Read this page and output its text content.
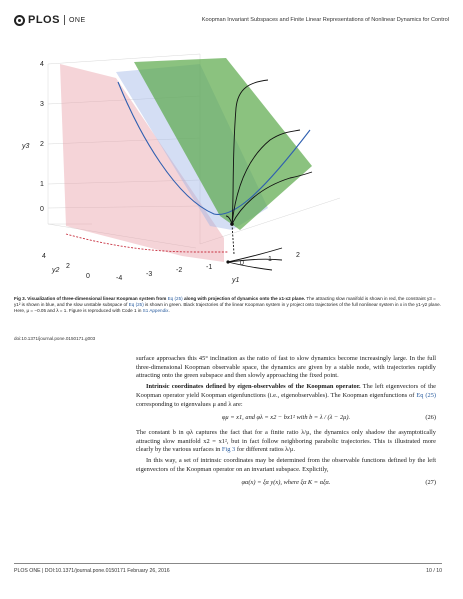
PLOS ONE	Koopman Invariant Subspaces and Finite Linear Representations of Nonlinear Dynamics for Control
4
3
2
1
0
y3
4
2
0
y2
-4
-3
-2	-1
0
1
2
y1
Fig 3. Visualization of three-dimensional linear Koopman system from Eq (25) along with projection of dynamics onto the x1-x2 plane. The attracting slow manifold is shown in red, the constraint y3 = y1² is shown in blue, and the slow unstable subspace of Eq (25) is shown in green. Black trajectories of the linear Koopman system in y project onto trajectories of the full nonlinear system in x in the y1-y2 plane. Here, μ = −0.05 and λ = 1. Figure is reproduced with Code 1 in S1 Appendix.
doi:10.1371/journal.pone.0150171.g003

surface approaches this 45° inclination as the ratio of fast to slow dynamics become increasingly large. In the full three-dimensional Koopman observable space, the dynamics are given by a stable node, with trajectories rapidly attracting onto the green subspace and then slowly approaching the fixed point.

Intrinsic coordinates defined by eigen-observables of the Koopman operator. The left eigenvectors of the Koopman operator yield Koopman eigenfunctions (i.e., eigenobservables). The Koopman eigenfunctions of Eq (25) corresponding to eigenvalues μ and λ are:

φμ = x1, and φλ = x2 − bx1² with b = λ / (λ − 2μ).	(26)

The constant b in φλ captures the fact that for a finite ratio λ/μ, the dynamics only shadow the asymptotically attracting slow manifold x2 = x1², but in fact follow neighboring parabolic trajectories. This is illustrated more clearly by the various surfaces in Fig 3 for different ratios λ/μ.

In this way, a set of intrinsic coordinates may be determined from the observable functions defined by the left eigenvectors of the Koopman operator on an invariant subspace. Explicitly,

φα(x) = ξα y(x), where ξα K = αξα.	(27)
PLOS ONE | DOI:10.1371/journal.pone.0150171 February 26, 2016	10 / 10
